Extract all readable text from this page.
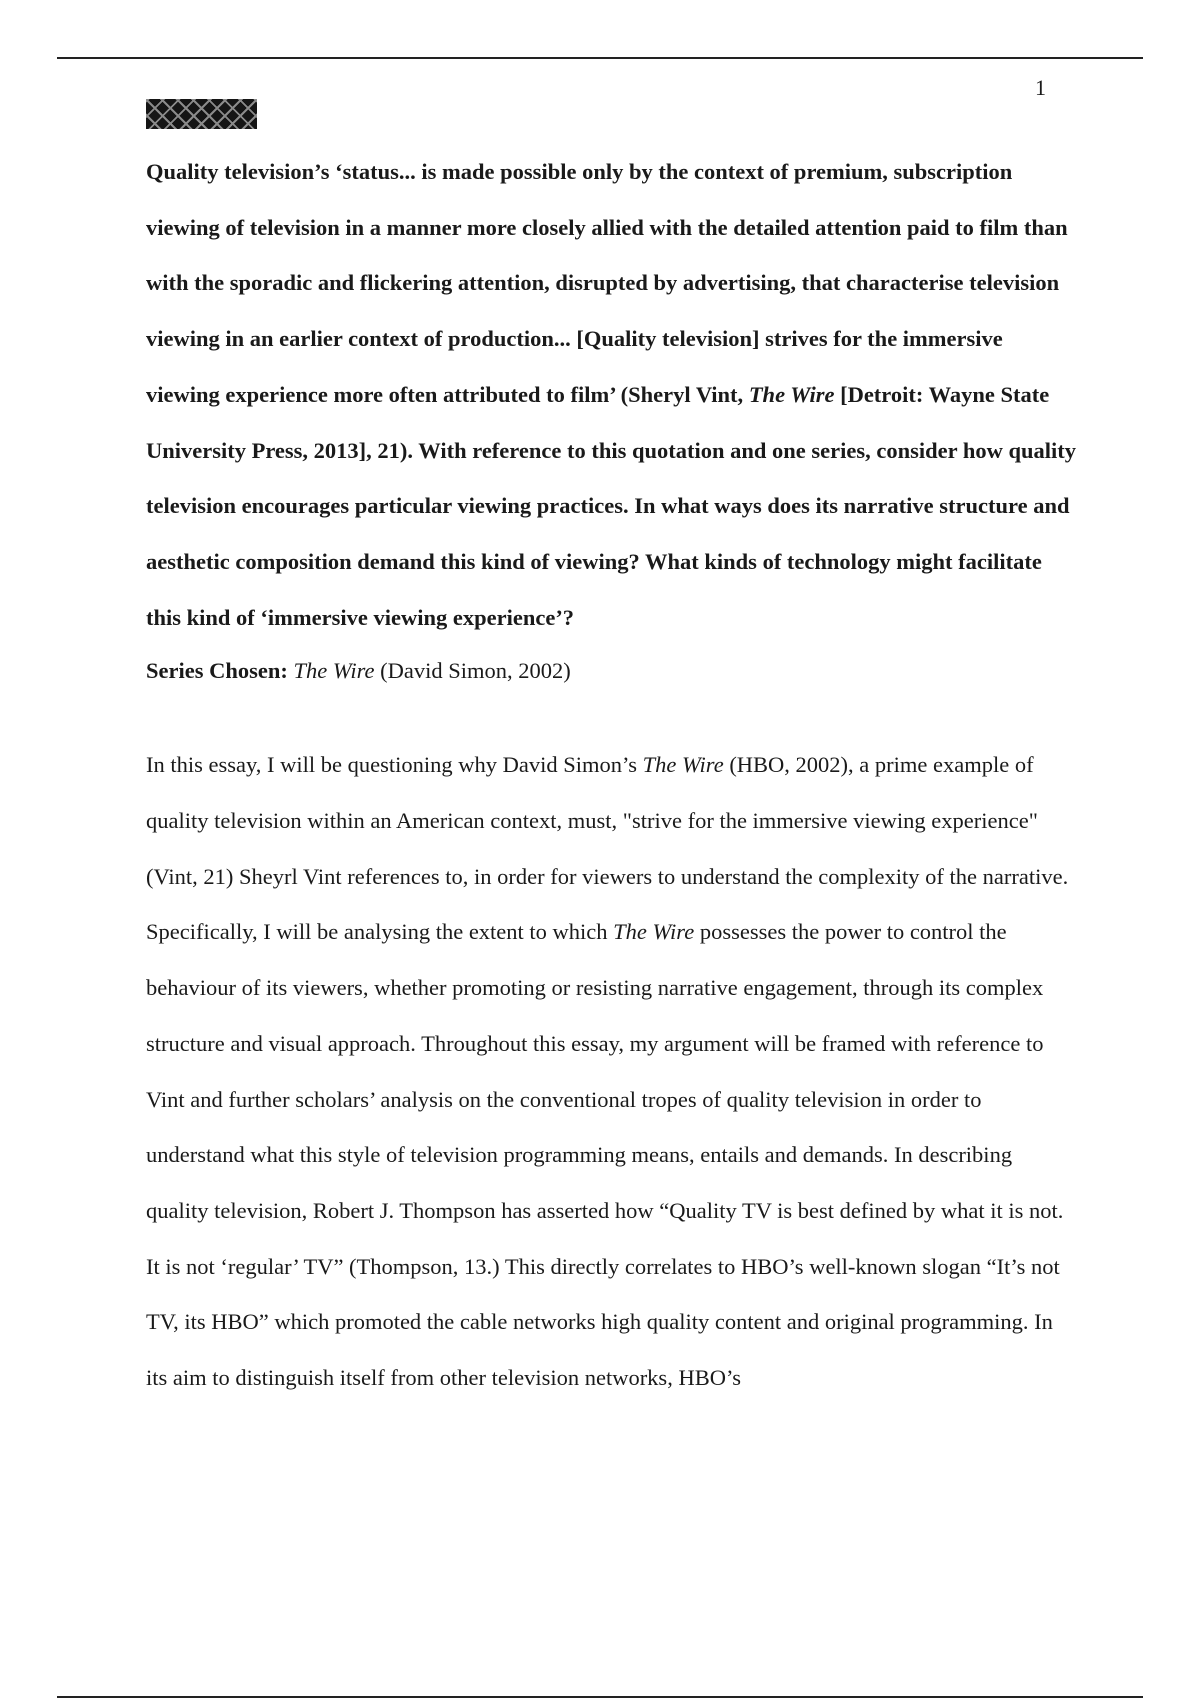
1

Quality television’s ‘status... is made possible only by the context of premium, subscription viewing of television in a manner more closely allied with the detailed attention paid to film than with the sporadic and flickering attention, disrupted by advertising, that characterise television viewing in an earlier context of production... [Quality television] strives for the immersive viewing experience more often attributed to film’ (Sheryl Vint, The Wire [Detroit: Wayne State University Press, 2013], 21). With reference to this quotation and one series, consider how quality television encourages particular viewing practices. In what ways does its narrative structure and aesthetic composition demand this kind of viewing? What kinds of technology might facilitate this kind of ‘immersive viewing experience’?

Series Chosen: The Wire (David Simon, 2002)

In this essay, I will be questioning why David Simon’s The Wire (HBO, 2002), a prime example of quality television within an American context, must, "strive for the immersive viewing experience" (Vint, 21) Sheyrl Vint references to, in order for viewers to understand the complexity of the narrative. Specifically, I will be analysing the extent to which The Wire possesses the power to control the behaviour of its viewers, whether promoting or resisting narrative engagement, through its complex structure and visual approach. Throughout this essay, my argument will be framed with reference to Vint and further scholars’ analysis on the conventional tropes of quality television in order to understand what this style of television programming means, entails and demands. In describing quality television, Robert J. Thompson has asserted how “Quality TV is best defined by what it is not. It is not ‘regular’ TV” (Thompson, 13.) This directly correlates to HBO’s well-known slogan “It’s not TV, its HBO” which promoted the cable networks high quality content and original programming. In its aim to distinguish itself from other television networks, HBO’s
